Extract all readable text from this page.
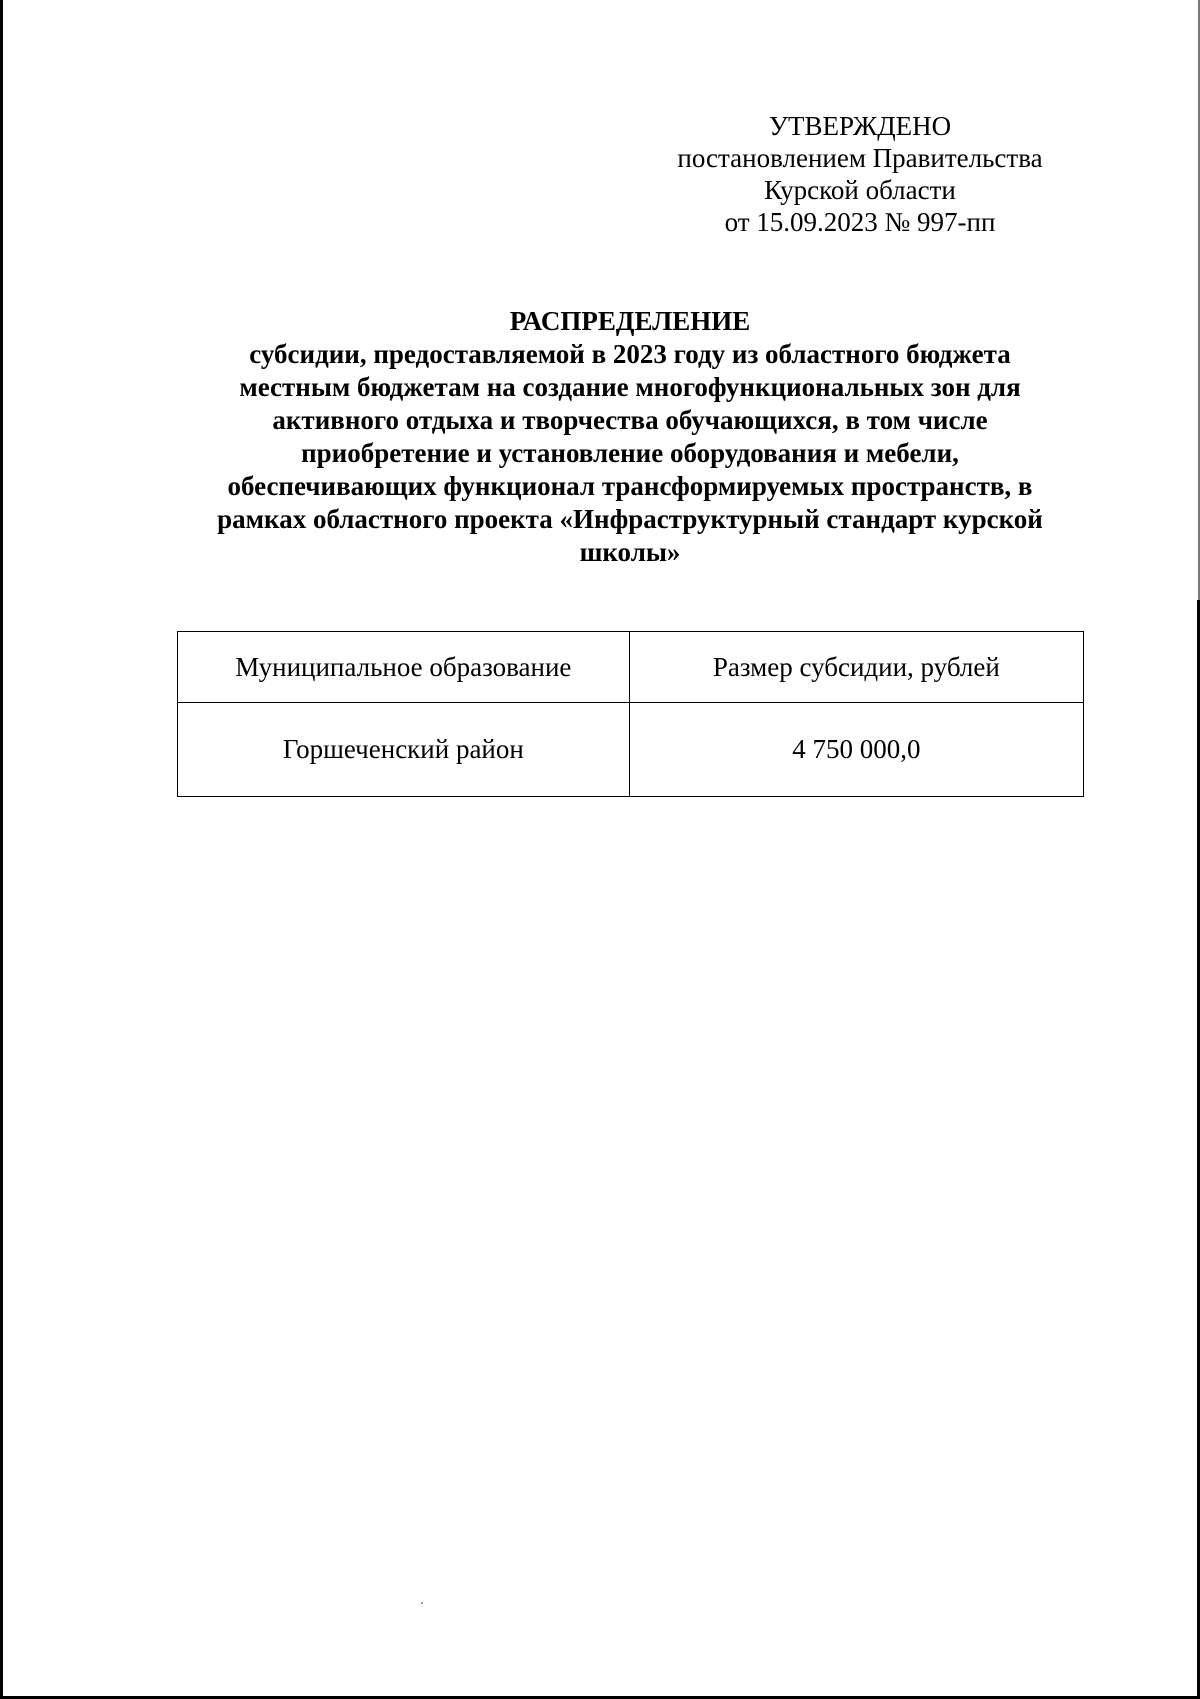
УТВЕРЖДЕНО
постановлением Правительства
Курской области
от 15.09.2023 № 997-пп
РАСПРЕДЕЛЕНИЕ
субсидии, предоставляемой в 2023 году из областного бюджета
местным бюджетам на создание многофункциональных зон для
активного отдыха и творчества обучающихся, в том числе
приобретение и установление оборудования и мебели,
обеспечивающих функционал трансформируемых пространств, в
рамках областного проекта «Инфраструктурный стандарт курской
школы»
Муниципальное образование	Размер субсидии, рублей
Горшеченский район	4 750 000,0
